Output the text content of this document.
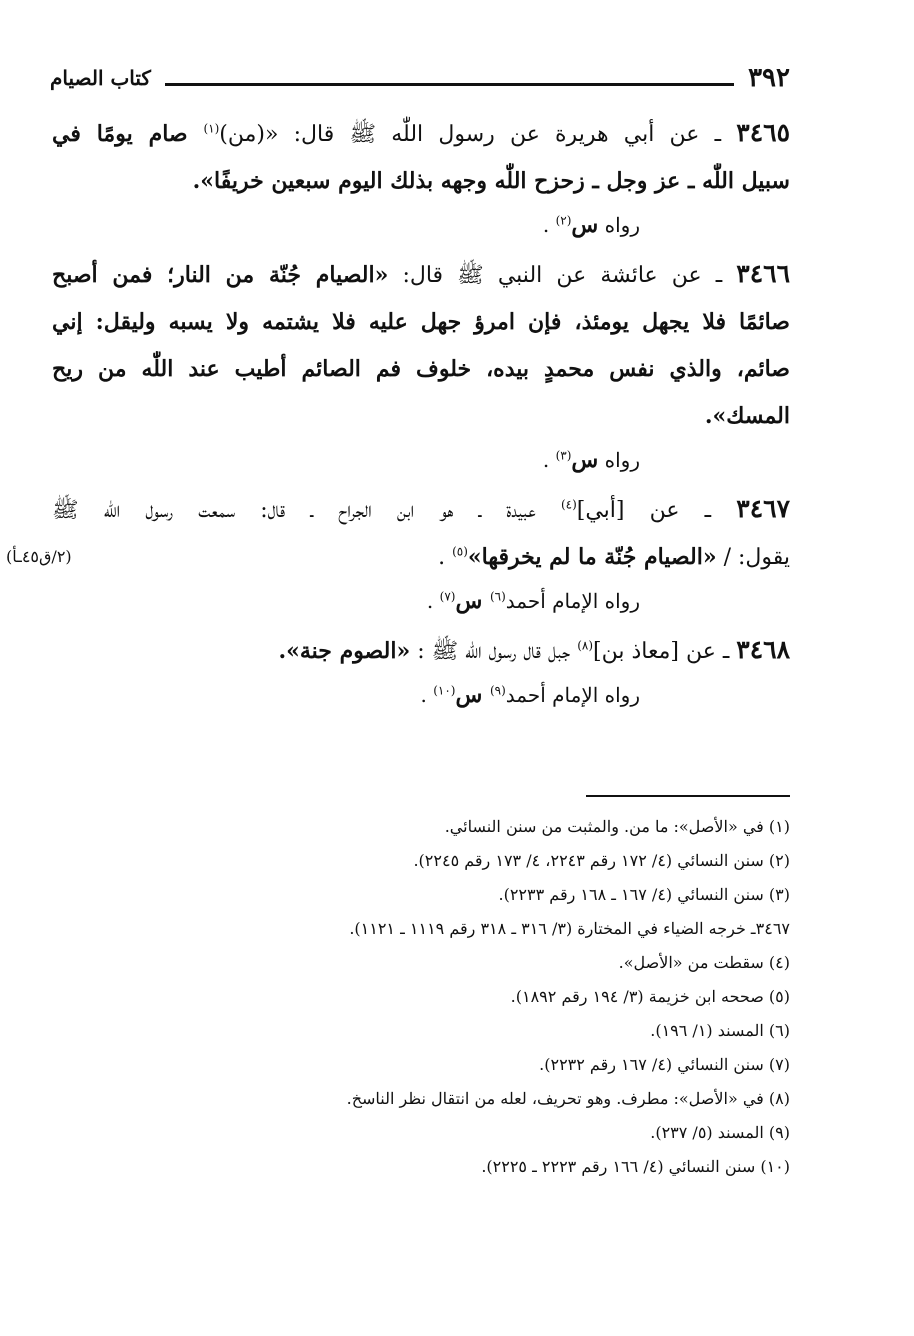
٣٩٢
كتاب الصيام
٣٤٦٥ ـ عن أبي هريرة عن رسول اللّٰه ﷺ قال: «(من)$^{(١)}$ صام يومًا في
سبيل اللّٰه ـ عز وجل ـ زحزح اللّٰه وجهه بذلك اليوم سبعين خريفًا».
رواه س$^{(٢)}$ .
٣٤٦٦ ـ عن عائشة عن النبي ﷺ قال: «الصيام جُنّة من النار؛ فمن أصبح
صائمًا فلا يجهل يومئذ، فإن امرؤ جهل عليه فلا يشتمه ولا يسبه وليقل: إني
صائم، والذي نفس محمدٍ بيده، خلوف فم الصائم أطيب عند اللّٰه من ريح
المسك».
رواه س$^{(٣)}$ .
٣٤٦٧ ـ عن [أبي]$^{(٤)}$ عبيدة ـ هو ابن الجراح ـ قال: سمعت رسول اللّٰه ﷺ
يقول: / «الصيام جُنّة ما لم يخرقها»$^{(٥)}$ .
(٢/ق٤٥ـأ)
رواه الإمام أحمد$^{(٦)}$ س$^{(٧)}$ .
٣٤٦٨ ـ عن [معاذ بن]$^{(٨)}$ جبل قال رسول اللّٰه ﷺ : «الصوم جنة».
رواه الإمام أحمد$^{(٩)}$ س$^{(١٠)}$ .
(١) في «الأصل»: ما من. والمثبت من سنن النسائي.
(٢) سنن النسائي (٤/ ١٧٢ رقم ٢٢٤٣، ٤/ ١٧٣ رقم ٢٢٤٥).
(٣) سنن النسائي (٤/ ١٦٧ ـ ١٦٨ رقم ٢٢٣٣).
٣٤٦٧ـ خرجه الضياء في المختارة (٣/ ٣١٦ ـ ٣١٨ رقم ١١١٩ ـ ١١٢١).
(٤) سقطت من «الأصل».
(٥) صححه ابن خزيمة (٣/ ١٩٤ رقم ١٨٩٢).
(٦) المسند (١/ ١٩٦).
(٧) سنن النسائي (٤/ ١٦٧ رقم ٢٢٣٢).
(٨) في «الأصل»: مطرف. وهو تحريف، لعله من انتقال نظر الناسخ.
(٩) المسند (٥/ ٢٣٧).
(١٠) سنن النسائي (٤/ ١٦٦ رقم ٢٢٢٣ ـ ٢٢٢٥).
